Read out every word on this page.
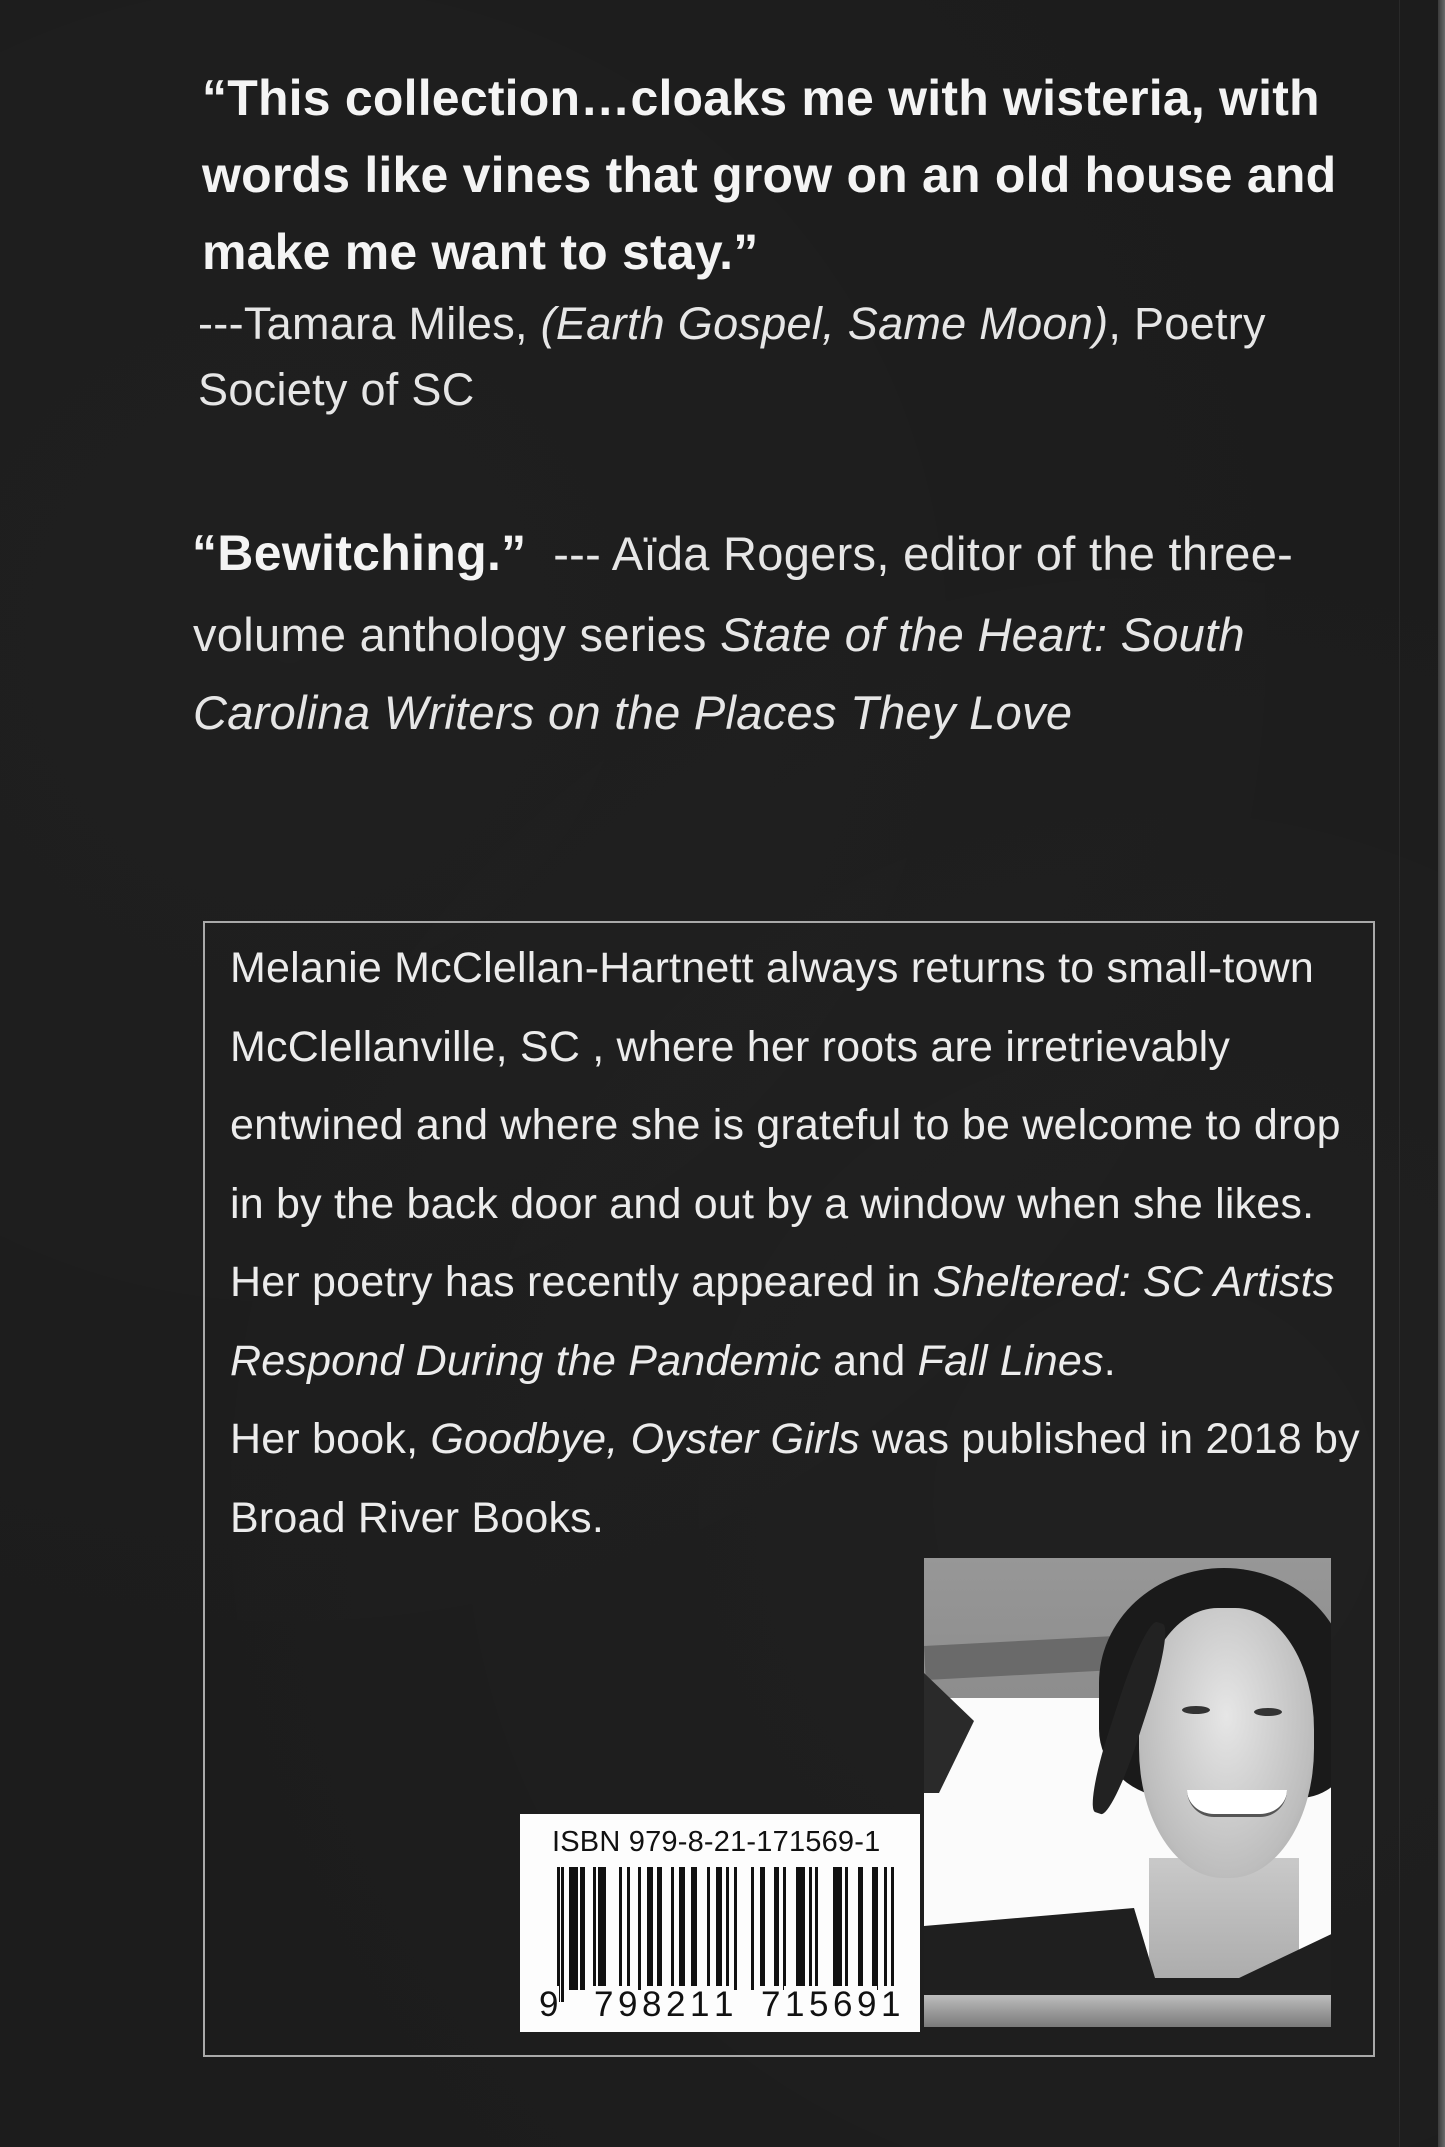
“This collection…cloaks me with wisteria, with
words like vines that grow on an old house and
make me want to stay.”
---Tamara Miles, (Earth Gospel, Same Moon), Poetry
Society of SC
“Bewitching.” --- Aïda Rogers, editor of the three-
volume anthology series State of the Heart: South
Carolina Writers on the Places They Love
Melanie McClellan-Hartnett always returns to small-town
McClellanville, SC , where her roots are irretrievably
entwined and where she is grateful to be welcome to drop
in by the back door and out by a window when she likes.
Her poetry has recently appeared in Sheltered: SC Artists
Respond During the Pandemic and Fall Lines.
Her book, Goodbye, Oyster Girls was published in 2018 by
Broad River Books.
ISBN 979-8-21-171569-1
9 7 9 8 2 1 1 7 1 5 6 9 1
